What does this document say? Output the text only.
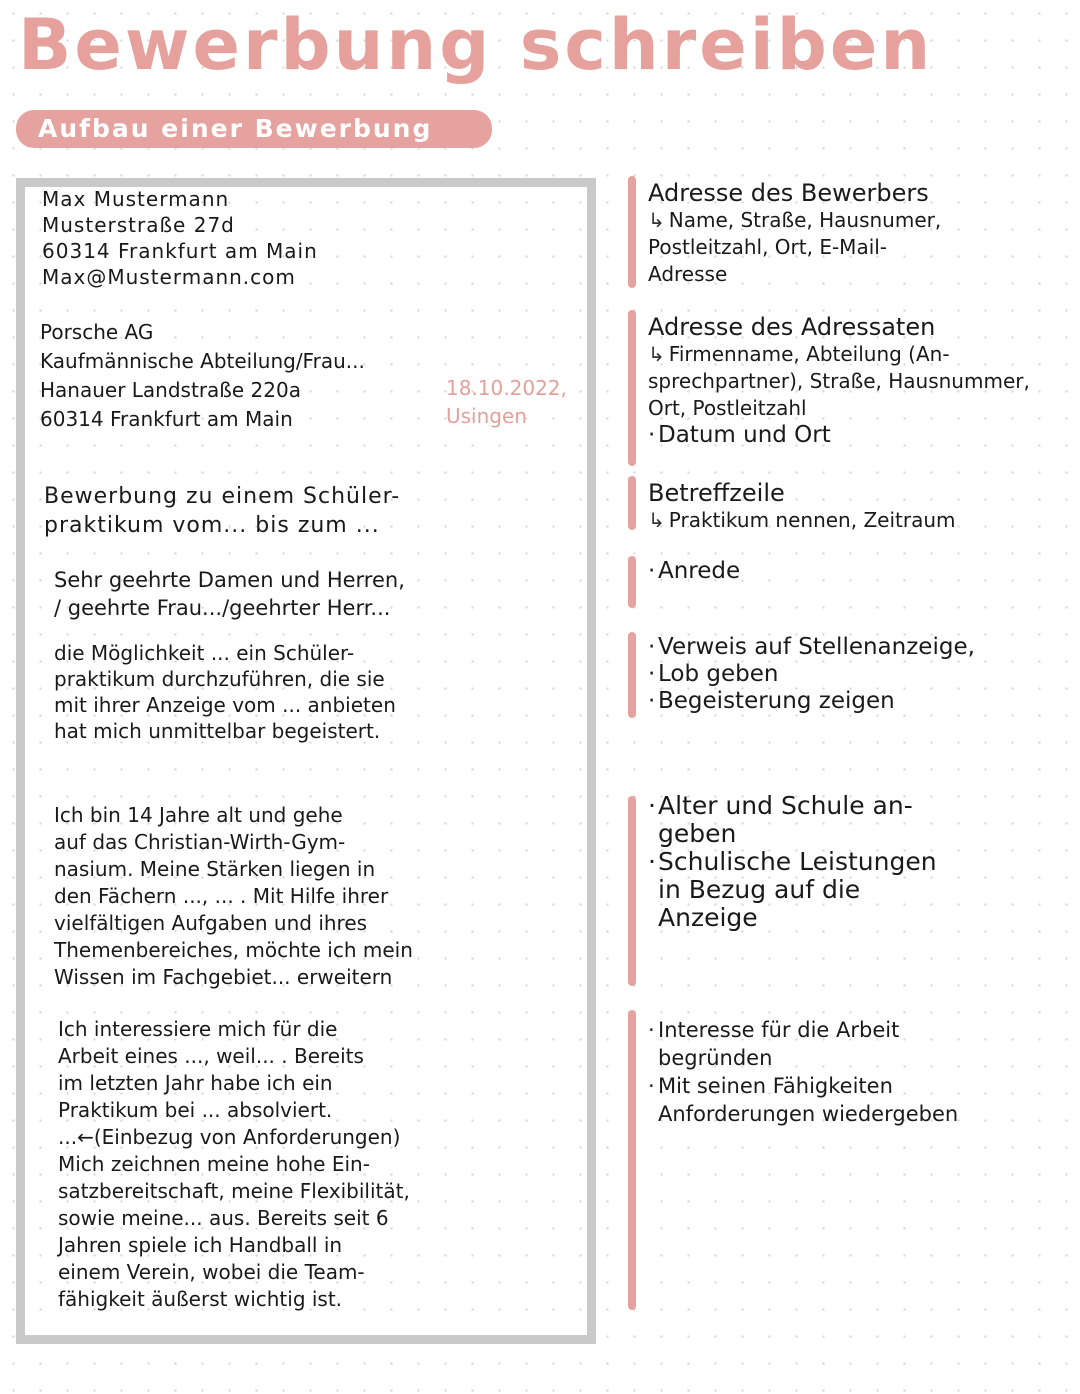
Bewerbung schreiben
Aufbau einer Bewerbung

Max Mustermann
Musterstraße 27d
60314 Frankfurt am Main
Max@Mustermann.com

Porsche AG
Kaufmännische Abteilung/Frau...
Hanauer Landstraße 220a
60314 Frankfurt am Main

18.10.2022,
Usingen

Bewerbung zu einem Schüler-
praktikum vom... bis zum ...

Sehr geehrte Damen und Herren,
/ geehrte Frau.../geehrter Herr...

die Möglichkeit ... ein Schüler-
praktikum durchzuführen, die sie
mit ihrer Anzeige vom ... anbieten
hat mich unmittelbar begeistert.

Ich bin 14 Jahre alt und gehe
auf das Christian-Wirth-Gym-
nasium. Meine Stärken liegen in
den Fächern ..., ... . Mit Hilfe ihrer
vielfältigen Aufgaben und ihres
Themenbereiches, möchte ich mein
Wissen im Fachgebiet... erweitern

Ich interessiere mich für die
Arbeit eines ..., weil... . Bereits
im letzten Jahr habe ich ein
Praktikum bei ... absolviert.
...←(Einbezug von Anforderungen)
Mich zeichnen meine hohe Ein-
satzbereitschaft, meine Flexibilität,
sowie meine... aus. Bereits seit 6
Jahren spiele ich Handball in
einem Verein, wobei die Team-
fähigkeit äußerst wichtig ist.

Adresse des Bewerbers

↳ Name, Straße, Hausnumer,
Postleitzahl, Ort, E-Mail-
Adresse

Adresse des Adressaten

↳ Firmenname, Abteilung (An-
sprechpartner), Straße, Hausnummer,
Ort, Postleitzahl

· Datum und Ort

Betreffzeile

↳ Praktikum nennen, Zeitraum

· Anrede
· Verweis auf Stellenanzeige,
· Lob geben
· Begeisterung zeigen
· Alter und Schule an-
geben
· Schulische Leistungen
in Bezug auf die
Anzeige
· Interesse für die Arbeit
begründen
· Mit seinen Fähigkeiten
Anforderungen wiedergeben
